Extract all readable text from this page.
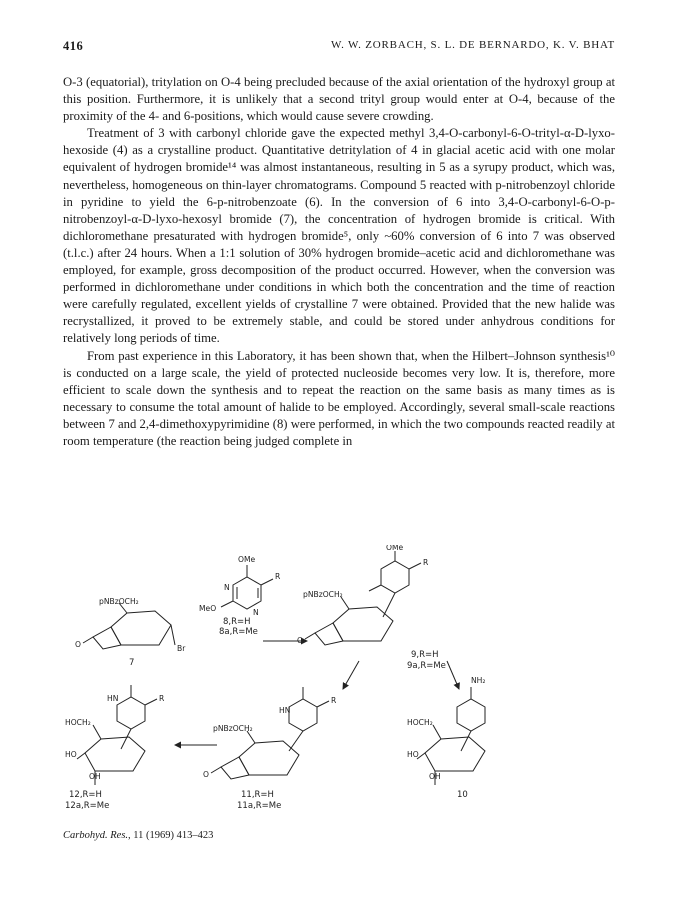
416	W. W. ZORBACH, S. L. DE BERNARDO, K. V. BHAT

O-3 (equatorial), tritylation on O-4 being precluded because of the axial orientation of the hydroxyl group at this position. Furthermore, it is unlikely that a second trityl group would enter at O-4, because of the proximity of the 4- and 6-positions, which would cause severe crowding.

Treatment of 3 with carbonyl chloride gave the expected methyl 3,4-O-carbonyl-6-O-trityl-α-D-lyxo-hexoside (4) as a crystalline product. Quantitative detritylation of 4 in glacial acetic acid with one molar equivalent of hydrogen bromide¹⁴ was almost instantaneous, resulting in 5 as a syrupy product, which was, nevertheless, homogeneous on thin-layer chromatograms. Compound 5 reacted with p-nitrobenzoyl chloride in pyridine to yield the 6-p-nitrobenzoate (6). In the conversion of 6 into 3,4-O-carbonyl-6-O-p-nitrobenzoyl-α-D-lyxo-hexosyl bromide (7), the concentration of hydrogen bromide is critical. With dichloromethane presaturated with hydrogen bromide⁵, only ~60% conversion of 6 into 7 was observed (t.l.c.) after 24 hours. When a 1:1 solution of 30% hydrogen bromide–acetic acid and dichloromethane was employed, for example, gross decomposition of the product occurred. However, when the conversion was performed in dichloromethane under conditions in which both the concentration and the time of reaction were carefully regulated, excellent yields of crystalline 7 were obtained. Provided that the new halide was recrystallized, it proved to be extremely stable, and could be stored under anhydrous conditions for relatively long periods of time.

From past experience in this Laboratory, it has been shown that, when the Hilbert–Johnson synthesis¹⁰ is conducted on a large scale, the yield of protected nucleoside becomes very low. It is, therefore, more efficient to scale down the synthesis and to repeat the reaction on the same basis as many times as is necessary to consume the total amount of halide to be employed. Accordingly, several small-scale reactions between 7 and 2,4-dimethoxypyrimidine (8) were performed, in which the two compounds reacted readily at room temperature (the reaction being judged complete in

OMe
N
R
MeO	N
8,R=H
8a,R=Me
pNBzOCH₂
O	Br
7
OMe
R
pNBzOCH₂
O
9,R=H
9a,R=Me
HN
R
pNBzOCH₂
O
11,R=H
11a,R=Me
HN	R
HOCH₂
HO
OH
12,R=H
12a,R=Me
NH₂
HOCH₂
HO
OH
10
Carbohyd. Res., 11 (1969) 413–423
